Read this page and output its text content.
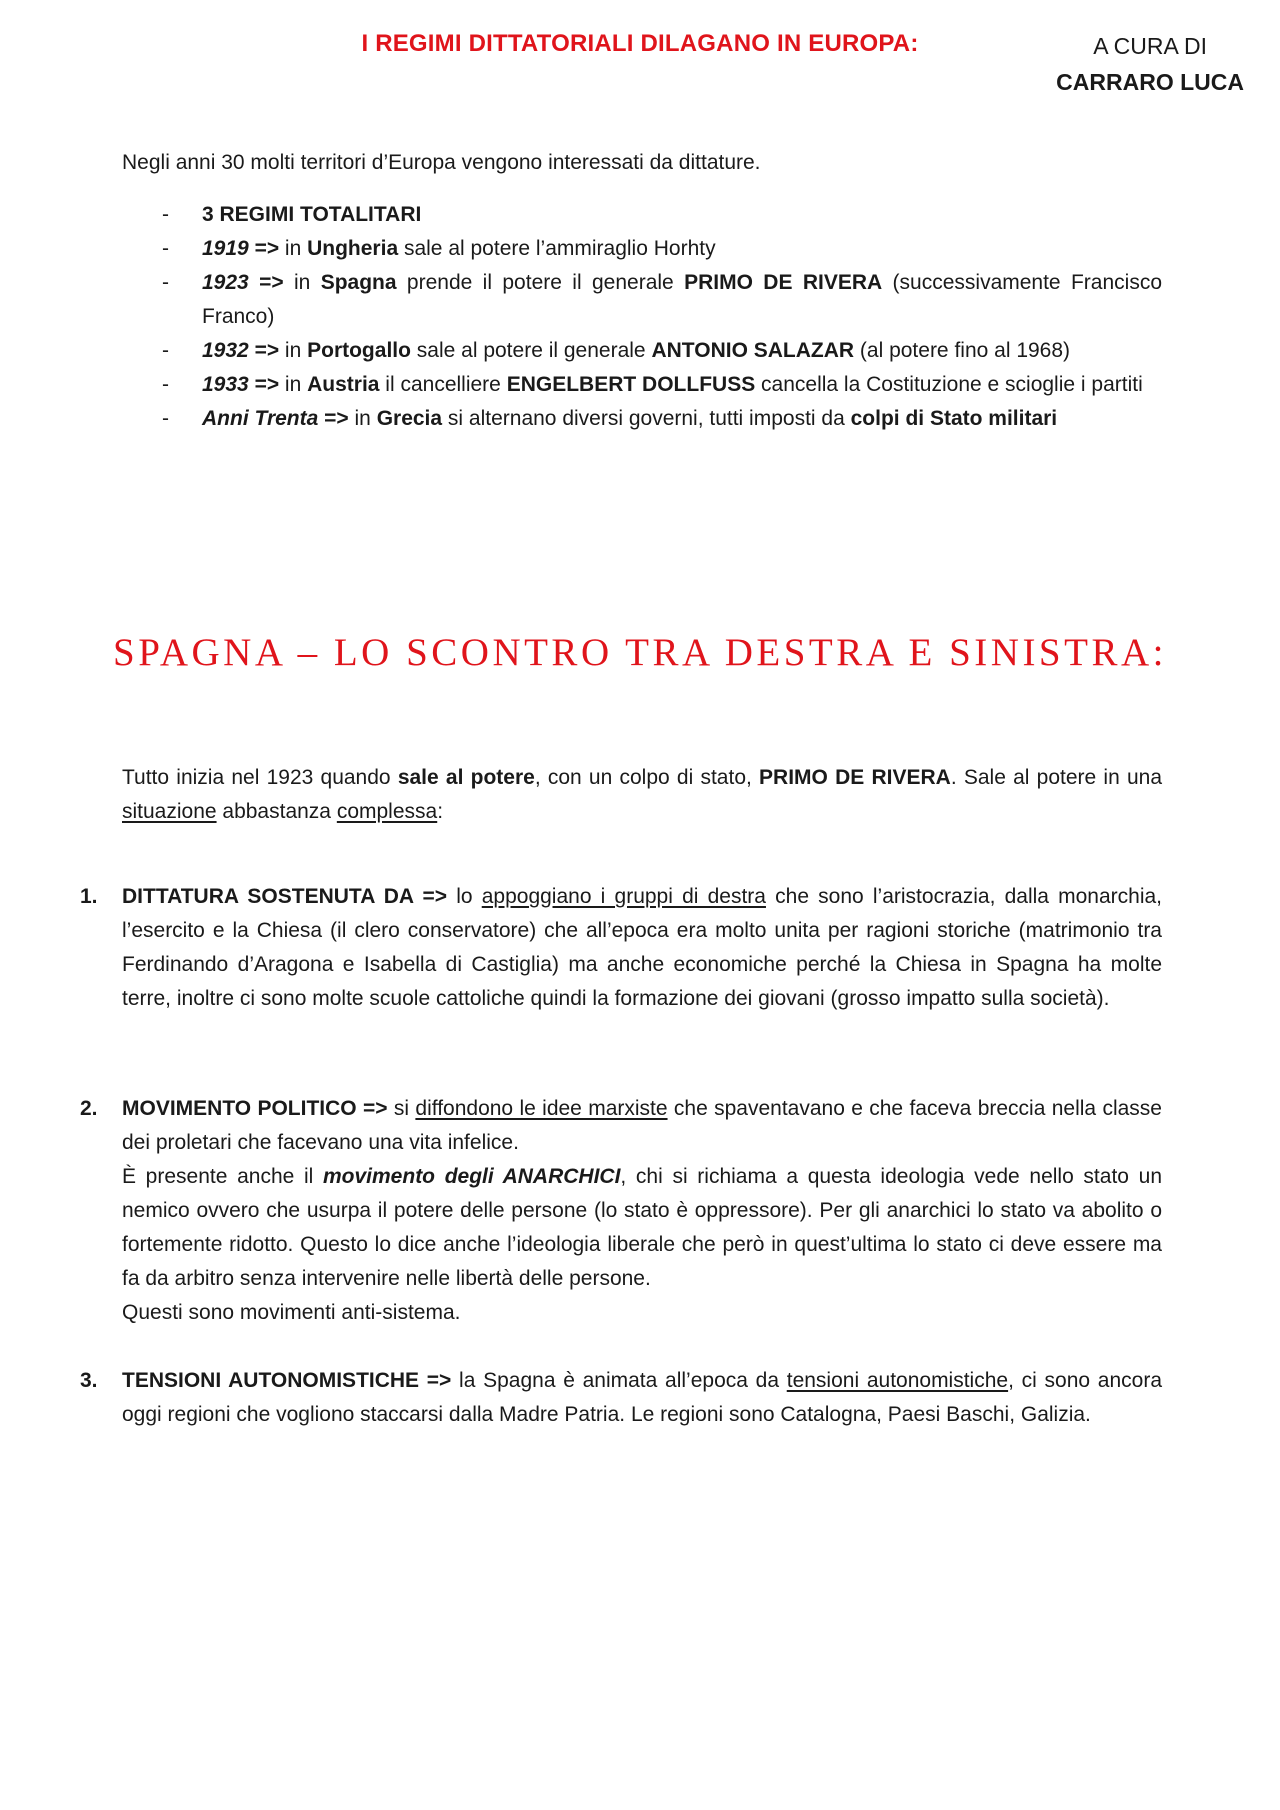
I REGIMI DITTATORIALI DILAGANO IN EUROPA:	A CURA DI
CARRARO LUCA
Negli anni 30 molti territori d’Europa vengono interessati da dittature.
- 3 REGIMI TOTALITARI
- 1919 => in Ungheria sale al potere l’ammiraglio Horhty
- 1923 => in Spagna prende il potere il generale PRIMO DE RIVERA (successivamente Francisco Franco)
- 1932 => in Portogallo sale al potere il generale ANTONIO SALAZAR (al potere fino al 1968)
- 1933 => in Austria il cancelliere ENGELBERT DOLLFUSS cancella la Costituzione e scioglie i partiti
- Anni Trenta => in Grecia si alternano diversi governi, tutti imposti da colpi di Stato militari
SPAGNA – LO SCONTRO TRA DESTRA E SINISTRA:
Tutto inizia nel 1923 quando sale al potere, con un colpo di stato, PRIMO DE RIVERA. Sale al potere in una situazione abbastanza complessa:
1. DITTATURA SOSTENUTA DA => lo appoggiano i gruppi di destra che sono l’aristocrazia, dalla monarchia, l’esercito e la Chiesa (il clero conservatore) che all’epoca era molto unita per ragioni storiche (matrimonio tra Ferdinando d’Aragona e Isabella di Castiglia) ma anche economiche perché la Chiesa in Spagna ha molte terre, inoltre ci sono molte scuole cattoliche quindi la formazione dei giovani (grosso impatto sulla società).
2. MOVIMENTO POLITICO => si diffondono le idee marxiste che spaventavano e che faceva breccia nella classe dei proletari che facevano una vita infelice.
È presente anche il movimento degli ANARCHICI, chi si richiama a questa ideologia vede nello stato un nemico ovvero che usurpa il potere delle persone (lo stato è oppressore). Per gli anarchici lo stato va abolito o fortemente ridotto. Questo lo dice anche l’ideologia liberale che però in quest’ultima lo stato ci deve essere ma fa da arbitro senza intervenire nelle libertà delle persone.
Questi sono movimenti anti-sistema.
3. TENSIONI AUTONOMISTICHE => la Spagna è animata all’epoca da tensioni autonomistiche, ci sono ancora oggi regioni che vogliono staccarsi dalla Madre Patria. Le regioni sono Catalogna, Paesi Baschi, Galizia.
